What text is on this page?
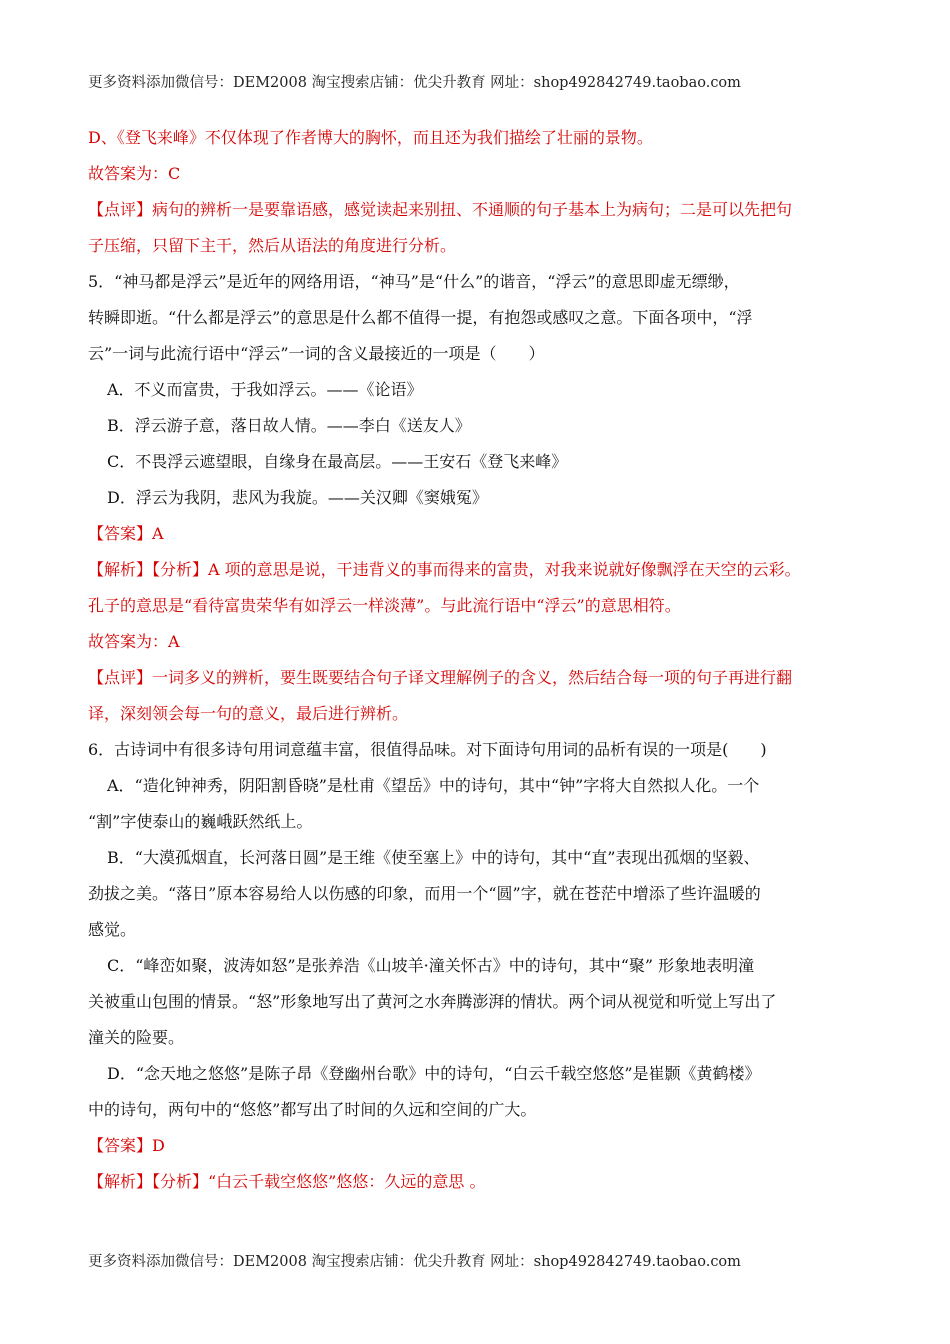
更多资料添加微信号：DEM2008 淘宝搜索店铺：优尖升教育 网址：shop492842749.taobao.com

D、《登飞来峰》不仅体现了作者博大的胸怀，而且还为我们描绘了壮丽的景物。

故答案为：C

【点评】病句的辨析一是要靠语感，感觉读起来别扭、不通顺的句子基本上为病句；二是可以先把句

子压缩，只留下主干，然后从语法的角度进行分析。

5．“神马都是浮云”是近年的网络用语，“神马”是“什么”的谐音，“浮云”的意思即虚无缥缈，

转瞬即逝。“什么都是浮云”的意思是什么都不值得一提，有抱怨或感叹之意。下面各项中，“浮

云”一词与此流行语中“浮云”一词的含义最接近的一项是（　　）

A．不义而富贵，于我如浮云。——《论语》

B．浮云游子意，落日故人情。——李白《送友人》

C．不畏浮云遮望眼，自缘身在最高层。——王安石《登飞来峰》

D．浮云为我阴，悲风为我旋。——关汉卿《窦娥冤》

【答案】A

【解析】【分析】A 项的意思是说，干违背义的事而得来的富贵，对我来说就好像飘浮在天空的云彩。

孔子的意思是“看待富贵荣华有如浮云一样淡薄”。与此流行语中“浮云”的意思相符。

故答案为：A

【点评】一词多义的辨析，要生既要结合句子译文理解例子的含义，然后结合每一项的句子再进行翻

译，深刻领会每一句的意义，最后进行辨析。

6．古诗词中有很多诗句用词意蕴丰富，很值得品味。对下面诗句用词的品析有误的一项是(　　)

A．“造化钟神秀，阴阳割昏晓”是杜甫《望岳》中的诗句，其中“钟”字将大自然拟人化。一个

“割”字使泰山的巍峨跃然纸上。

B．“大漠孤烟直，长河落日圆”是王维《使至塞上》中的诗句，其中“直”表现出孤烟的坚毅、

劲拔之美。“落日”原本容易给人以伤感的印象，而用一个“圆”字，就在苍茫中增添了些许温暖的

感觉。

C．“峰峦如聚，波涛如怒”是张养浩《山坡羊·潼关怀古》中的诗句，其中“聚” 形象地表明潼

关被重山包围的情景。“怒”形象地写出了黄河之水奔腾澎湃的情状。两个词从视觉和听觉上写出了

潼关的险要。

D．“念天地之悠悠”是陈子昂《登幽州台歌》中的诗句，“白云千载空悠悠”是崔颢《黄鹤楼》

中的诗句，两句中的“悠悠”都写出了时间的久远和空间的广大。

【答案】D

【解析】【分析】“白云千载空悠悠”悠悠：久远的意思 。

更多资料添加微信号：DEM2008 淘宝搜索店铺：优尖升教育 网址：shop492842749.taobao.com
